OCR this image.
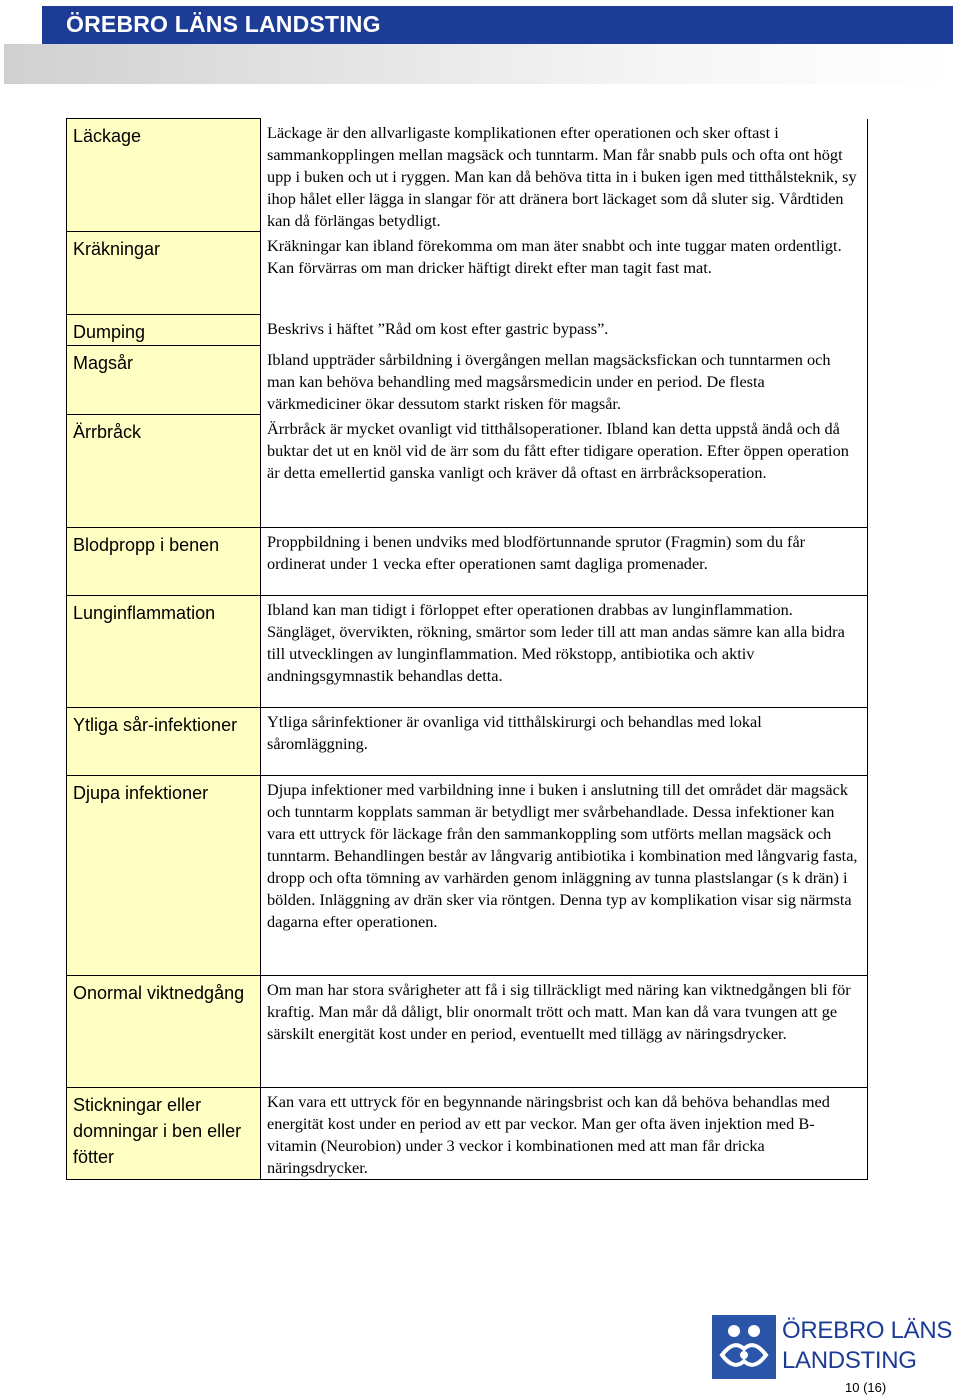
ÖREBRO LÄNS LANDSTING
Läckage	Läckage är den allvarligaste komplikationen efter operationen och sker oftast i sammankopplingen mellan magsäck och tunntarm. Man får snabb puls och ofta ont högt upp i buken och ut i ryggen. Man kan då behöva titta in i buken igen med titthålsteknik, sy ihop hålet eller lägga in slangar för att dränera bort läckaget som då sluter sig. Vårdtiden kan då förlängas betydligt.
Kräkningar	Kräkningar kan ibland förekomma om man äter snabbt och inte tuggar maten ordentligt. Kan förvärras om man dricker häftigt direkt efter man tagit fast mat.
Dumping	Beskrivs i häftet ”Råd om kost efter gastric bypass”.
Magsår	Ibland uppträder sårbildning i övergången mellan magsäcksfickan och tunntarmen och man kan behöva behandling med magsårsmedicin under en period. De flesta värkmediciner ökar dessutom starkt risken för magsår.
Ärrbråck	Ärrbråck är mycket ovanligt vid titthålsoperationer. Ibland kan detta uppstå ändå och då buktar det ut en knöl vid de ärr som du fått efter tidigare operation. Efter öppen operation är detta emellertid ganska vanligt och kräver då oftast en ärrbråcksoperation.
Blodpropp i benen	Proppbildning i benen undviks med blodförtunnande sprutor (Fragmin) som du får ordinerat under 1 vecka efter operationen samt dagliga promenader.
Lunginflammation	Ibland kan man tidigt i förloppet efter operationen drabbas av lunginflammation. Sängläget, övervikten, rökning, smärtor som leder till att man andas sämre kan alla bidra till utvecklingen av lunginflammation. Med rökstopp, antibiotika och aktiv andningsgymnastik behandlas detta.
Ytliga sår-infektioner	Ytliga sårinfektioner är ovanliga vid titthålskirurgi och behandlas med lokal såromläggning.
Djupa infektioner	Djupa infektioner med varbildning inne i buken i anslutning till det området där magsäck och tunntarm kopplats samman är betydligt mer svårbehandlade. Dessa infektioner kan vara ett uttryck för läckage från den sammankoppling som utförts mellan magsäck och tunntarm. Behandlingen består av långvarig antibiotika i kombination med långvarig fasta, dropp och ofta tömning av varhärden genom inläggning av tunna plastslangar (s k drän) i bölden. Inläggning av drän sker via röntgen. Denna typ av komplikation visar sig närmsta dagarna efter operationen.
Onormal viktnedgång	Om man har stora svårigheter att få i sig tillräckligt med näring kan viktnedgången bli för kraftig. Man mår då dåligt, blir onormalt trött och matt. Man kan då vara tvungen att ge särskilt energität kost under en period, eventuellt med tillägg av näringsdrycker.
Stickningar eller domningar i ben eller fötter	Kan vara ett uttryck för en begynnande näringsbrist och kan då behöva behandlas med energität kost under en period av ett par veckor. Man ger ofta även injektion med B-vitamin (Neurobion) under 3 veckor i kombinationen med att man får dricka näringsdrycker.
ÖREBRO LÄNS
LANDSTING
10 (16)
